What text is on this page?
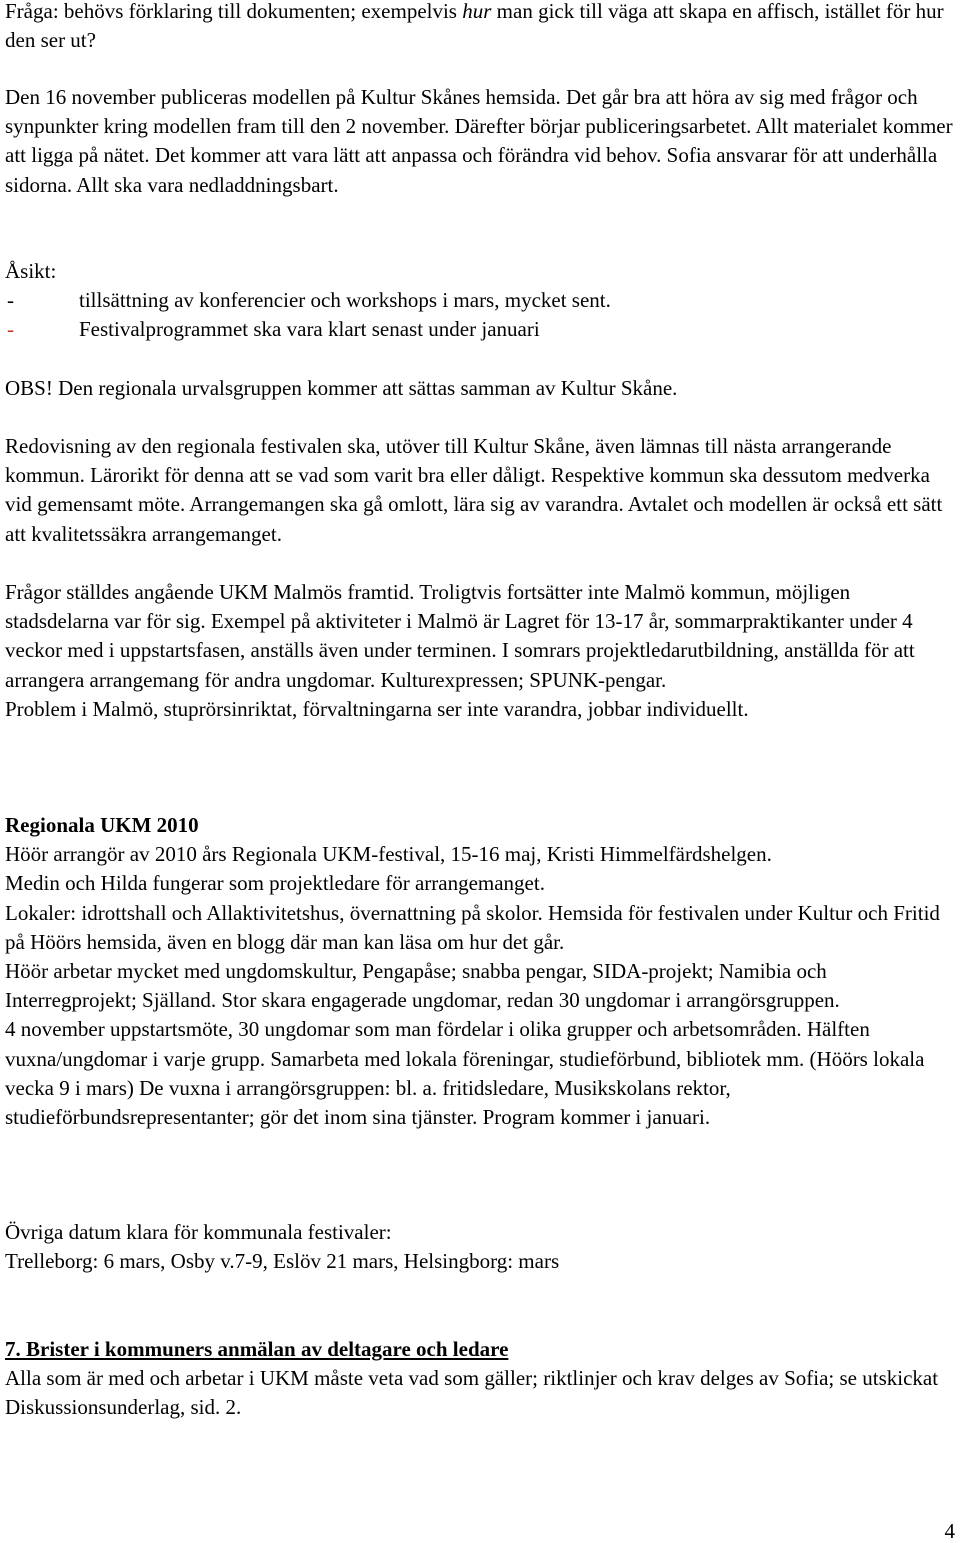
Fråga: behövs förklaring till dokumenten; exempelvis hur man gick till väga att skapa en affisch, istället för hur den ser ut?

Den 16 november publiceras modellen på Kultur Skånes hemsida. Det går bra att höra av sig med frågor och synpunkter kring modellen fram till den 2 november. Därefter börjar publiceringsarbetet. Allt materialet kommer att ligga på nätet. Det kommer att vara lätt att anpassa och förändra vid behov. Sofia ansvarar för att underhålla sidorna. Allt ska vara nedladdningsbart.

Åsikt:

-	tillsättning av konferencier och workshops i mars, mycket sent.

-	Festivalprogrammet ska vara klart senast under januari

OBS! Den regionala urvalsgruppen kommer att sättas samman av Kultur Skåne.

Redovisning av den regionala festivalen ska, utöver till Kultur Skåne, även lämnas till nästa arrangerande kommun. Lärorikt för denna att se vad som varit bra eller dåligt. Respektive kommun ska dessutom medverka vid gemensamt möte. Arrangemangen ska gå omlott, lära sig av varandra. Avtalet och modellen är också ett sätt att kvalitetssäkra arrangemanget.

Frågor ställdes angående UKM Malmös framtid. Troligtvis fortsätter inte Malmö kommun, möjligen stadsdelarna var för sig. Exempel på aktiviteter i Malmö är Lagret för 13-17 år, sommarpraktikanter under 4 veckor med i uppstartsfasen, anställs även under terminen. I somrars projektledarutbildning, anställda för att arrangera arrangemang för andra ungdomar. Kulturexpressen; SPUNK-pengar.

Problem i Malmö, stuprörsinriktat, förvaltningarna ser inte varandra, jobbar individuellt.

Regionala UKM 2010

Höör arrangör av 2010 års Regionala UKM-festival, 15-16 maj, Kristi Himmelfärdshelgen.

Medin och Hilda fungerar som projektledare för arrangemanget.

Lokaler: idrottshall och Allaktivitetshus, övernattning på skolor. Hemsida för festivalen under Kultur och Fritid på Höörs hemsida, även en blogg där man kan läsa om hur det går.

Höör arbetar mycket med ungdomskultur, Pengapåse; snabba pengar, SIDA-projekt; Namibia och Interregprojekt; Själland. Stor skara engagerade ungdomar, redan 30 ungdomar i arrangörsgruppen.

4 november uppstartsmöte, 30 ungdomar som man fördelar i olika grupper och arbetsområden. Hälften vuxna/ungdomar i varje grupp. Samarbeta med lokala föreningar, studieförbund, bibliotek mm. (Höörs lokala vecka 9 i mars) De vuxna i arrangörsgruppen: bl. a. fritidsledare, Musikskolans rektor, studieförbundsrepresentanter; gör det inom sina tjänster. Program kommer i januari.

Övriga datum klara för kommunala festivaler:

Trelleborg: 6 mars, Osby v.7-9, Eslöv 21 mars, Helsingborg: mars

7. Brister i kommuners anmälan av deltagare och ledare

Alla som är med och arbetar i UKM måste veta vad som gäller; riktlinjer och krav delges av Sofia; se utskickat Diskussionsunderlag, sid. 2.

4
